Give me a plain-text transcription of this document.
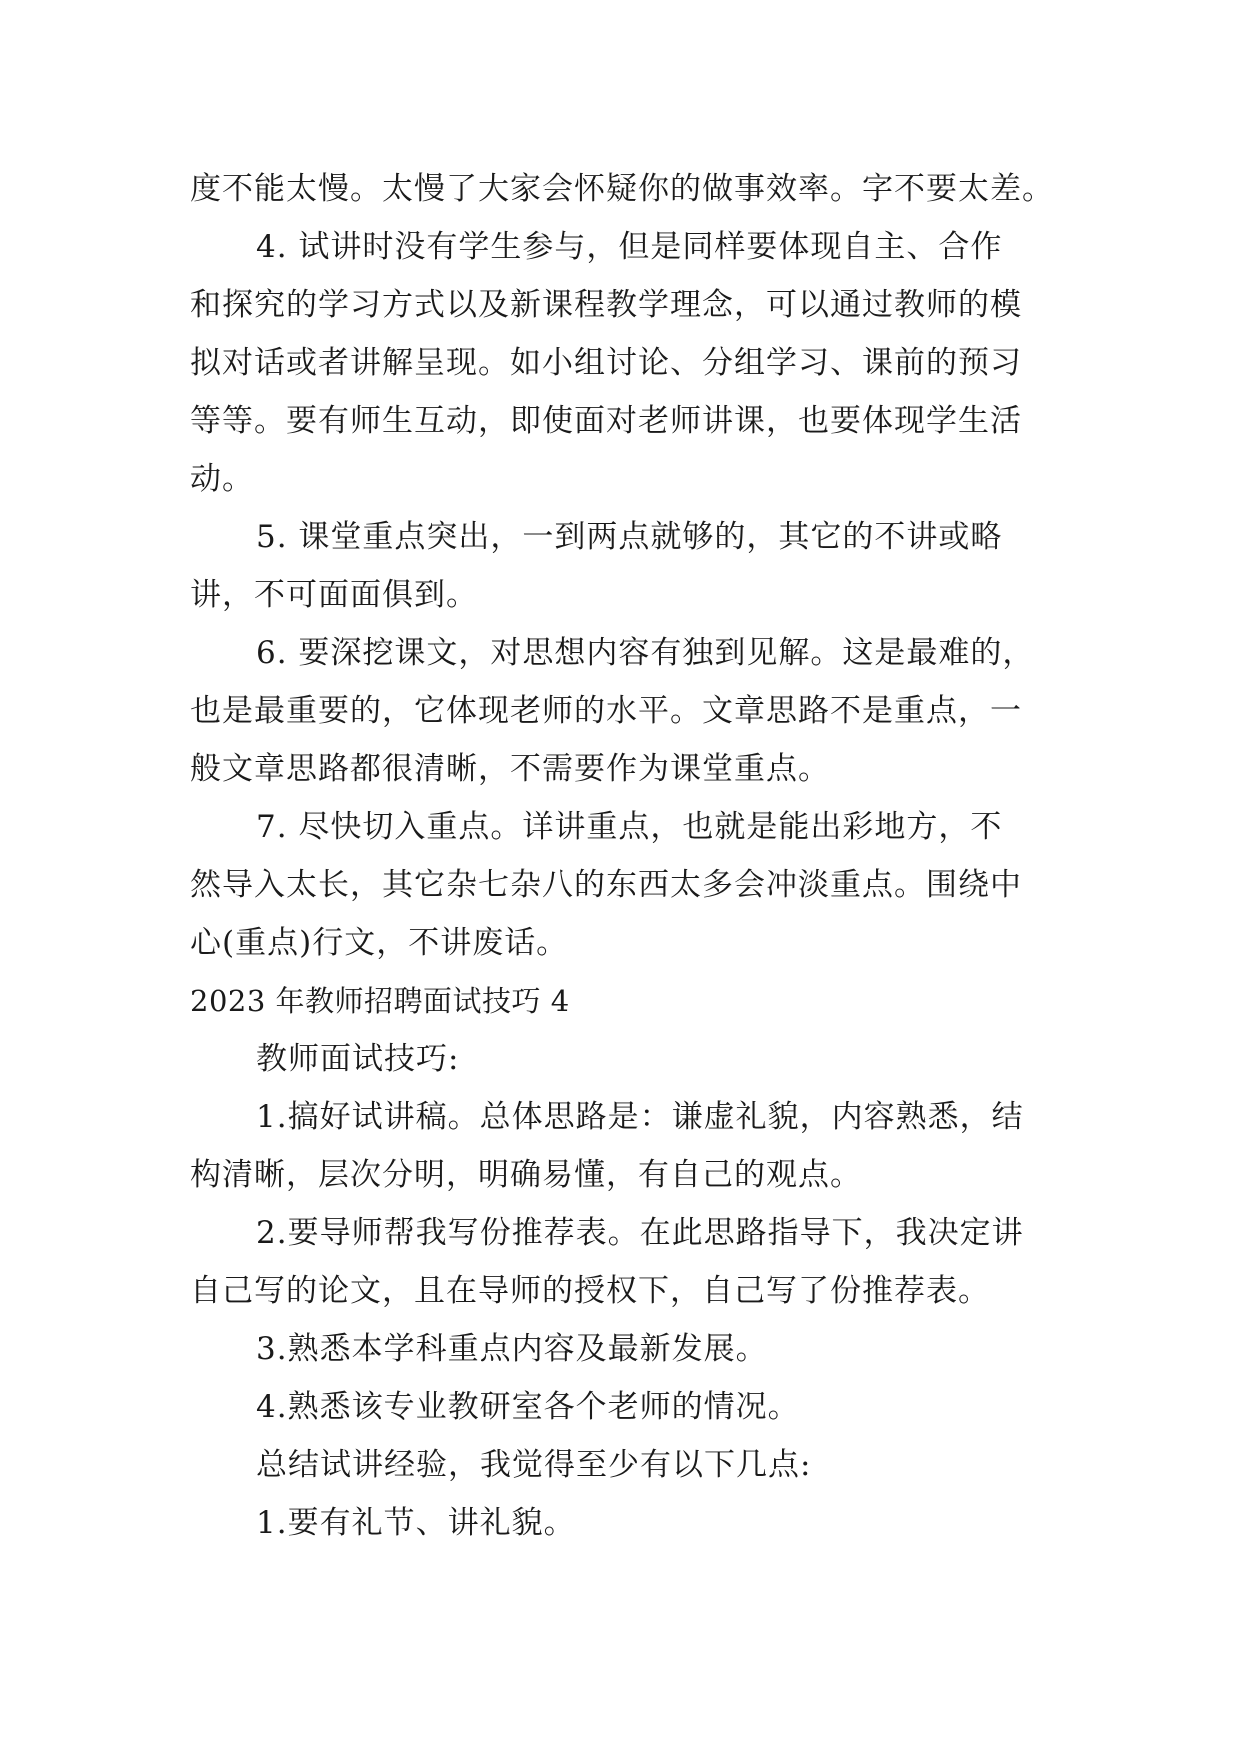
度不能太慢。太慢了大家会怀疑你的做事效率。字不要太差。
4. 试讲时没有学生参与，但是同样要体现自主、合作
和探究的学习方式以及新课程教学理念，可以通过教师的模
拟对话或者讲解呈现。如小组讨论、分组学习、课前的预习
等等。要有师生互动，即使面对老师讲课，也要体现学生活
动。
5. 课堂重点突出，一到两点就够的，其它的不讲或略
讲，不可面面俱到。
6. 要深挖课文，对思想内容有独到见解。这是最难的，
也是最重要的，它体现老师的水平。文章思路不是重点，一
般文章思路都很清晰，不需要作为课堂重点。
7. 尽快切入重点。详讲重点，也就是能出彩地方，不
然导入太长，其它杂七杂八的东西太多会冲淡重点。围绕中
心(重点)行文，不讲废话。
2023 年教师招聘面试技巧 4
教师面试技巧:
1.搞好试讲稿。总体思路是：谦虚礼貌，内容熟悉，结
构清晰，层次分明，明确易懂，有自己的观点。
2.要导师帮我写份推荐表。在此思路指导下，我决定讲
自己写的论文，且在导师的授权下，自己写了份推荐表。
3.熟悉本学科重点内容及最新发展。
4.熟悉该专业教研室各个老师的情况。
总结试讲经验，我觉得至少有以下几点:
1.要有礼节、讲礼貌。
